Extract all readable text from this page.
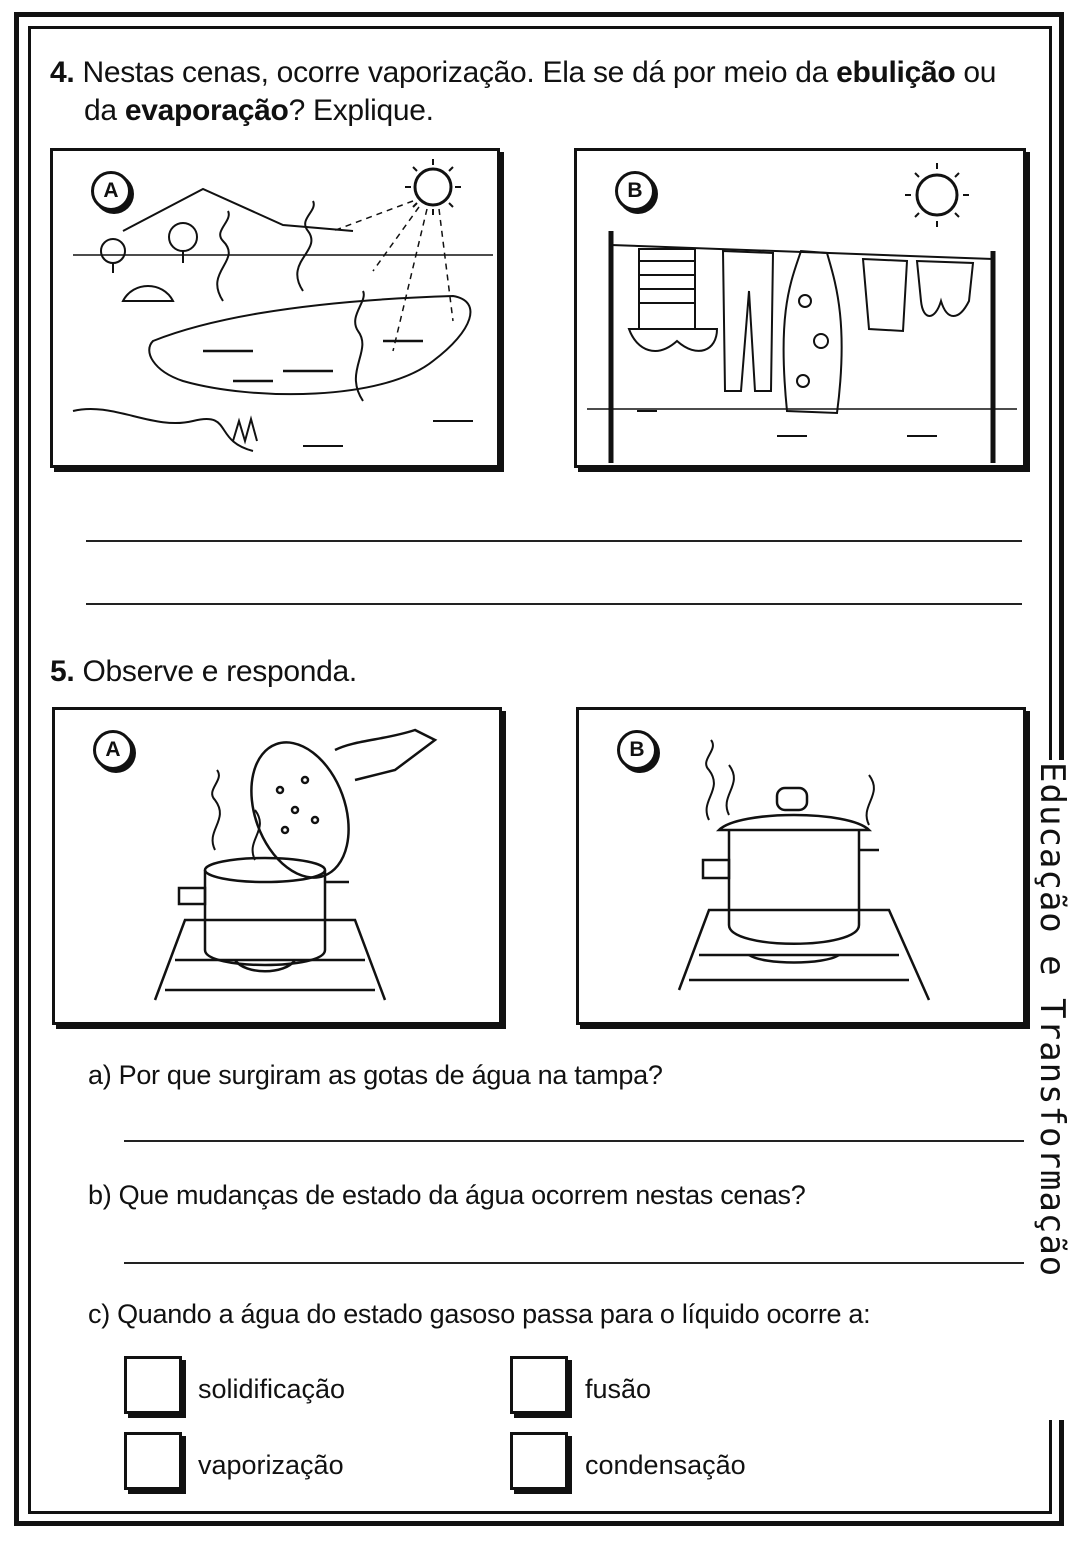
Educação e Transformação
4. Nestas cenas, ocorre vaporização. Ela se dá por meio da ebulição ou
da evaporação? Explique.
A	B
5. Observe e responda.
A	B
a) Por que surgiram as gotas de água na tampa?
b) Que mudanças de estado da água ocorrem nestas cenas?
c) Quando a água do estado gasoso passa para o líquido ocorre a:
solidificação	fusão
vaporização	condensação
